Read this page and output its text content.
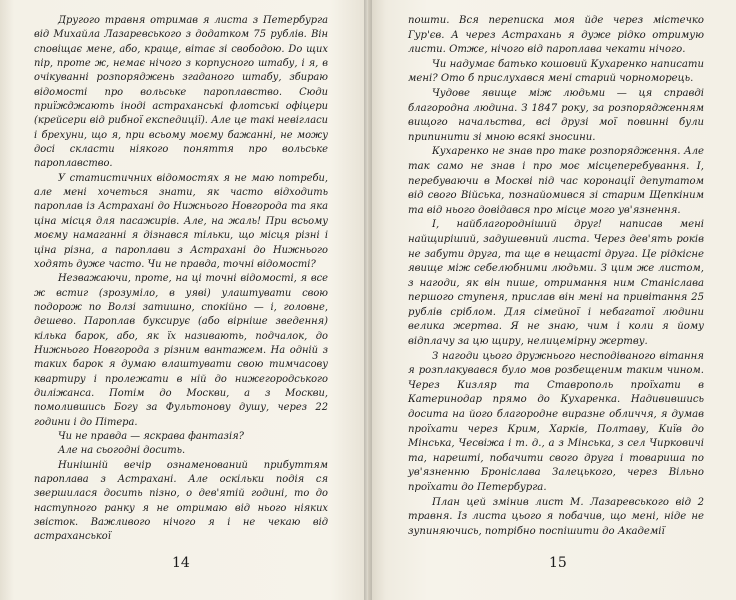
Другого травня отримав я листа з Петербурга від Михайла Лазаревського з додатком 75 рублів. Він сповіщає мене, або, краще, вітає зі свободою. Do щих nip, npome ж, немає нічого з корпусного штабу, i я, в очікуванні розпоряджень згаданого штабу, збираю відомості про вольське пароплавство. Сюди приїжджають іноді астраханські флотські офіцери (крейсери від рибної експедиції). Але це такі невігласи і брехуни, що я, при всьому моєму бажанні, не можу досі скласти ніякого поняття про вольське пароплавство.

У статистичних відомостях я не маю потреби, але мені хочеться знати, як часто відходить пароплав із Астрахані до Нижнього Новгорода та яка ціна місця для пасажирів. Але, на жаль! При всьому моєму намаганні я дізнався тільки, що місця різні і ціна різна, а пароплави з Астрахані до Нижнього ходять дуже часто. Чи не правда, точні відомості?

Незважаючи, проте, на ці точні відомості, я все ж встиг (зрозуміло, в уяві) улаштувати свою подорож по Волзі затишно, спокійно — і, головне, дешево. Пароплав буксирує (або вірніше зведення) кілька барок, або, як їх називають, подчалок, до Нижнього Новгорода з різним вантажем. На одній з таких барок я думаю влаштувати свою тимчасову квартиру і пролежати в ній до нижегородського диліжанса. Потім до Москви, а з Москви, помолившись Богу за Фультонову душу, через 22 години і до Пітера.

Чи не правда — яскрава фантазія?

Але на сьогодні досить.

Нинішній вечір ознаменований прибуттям пароплава з Астрахані. Але оскільки подія ся звершилася досить пізно, о дев'ятій годині, то до наступного ранку я не отримаю від нього ніяких звісток. Важливого нічого я і не чекаю від астраханської

14

пошти. Вся переписка моя йде через містечко Гур'єв. А через Астрахань я дуже рідко отримую листи. Отже, нічого від пароплава чекати нічого.

Чи надумає батько кошовий Кухаренко написати мені? Ото б прислухався мені старий чорноморець.

Чудове явище між людьми — ця справді благородна людина. З 1847 року, за розпорядженням вищого начальства, всі друзі мої повинні були припинити зі мною всякі зносини.

Кухаренко не знав про таке розпорядження. Але так само не знав і про моє місцеперебування. І, перебуваючи в Москві під час коронації депутатом від свого Війська, познайомився зі старим Щепкіним та від нього довідався про місце мого ув'язнення.

І, найблагородніший друг! написав мені найщиріший, задушевний листа. Через дев'ять років не забути друга, та ще в нещасті друга. Це рідкісне явище між себелюбними людьми. З цим же листом, з нагоди, як він пише, отримання ним Станіслава першого ступеня, прислав він мені на привітання 25 рублів сріблом. Для сімейної і небагатої людини велика жертва. Я не знаю, чим і коли я йому відплачу за цю щиру, нелицемірну жертву.

З нагоди цього дружнього несподіваного вітання я розплакувався було мов розбещеним таким чином. Через Кизляр та Ставрополь проїхати в Катеринодар прямо до Кухаренка. Надивившись досита на його благородне виразне обличчя, я думав проїхати через Крим, Харків, Полтаву, Київ до Мінська, Чесвіжа і т. д., а з Мінська, з сел Чирковичі та, нарешті, побачити свого друга і товариша по ув'язненню Броніслава Залецького, через Вільно проїхати до Петербурга.

План цей змінив лист М. Лазаревського від 2 травня. Із листа цього я побачив, що мені, ніде не зупиняючись, потрібно поспішити до Академії

15
